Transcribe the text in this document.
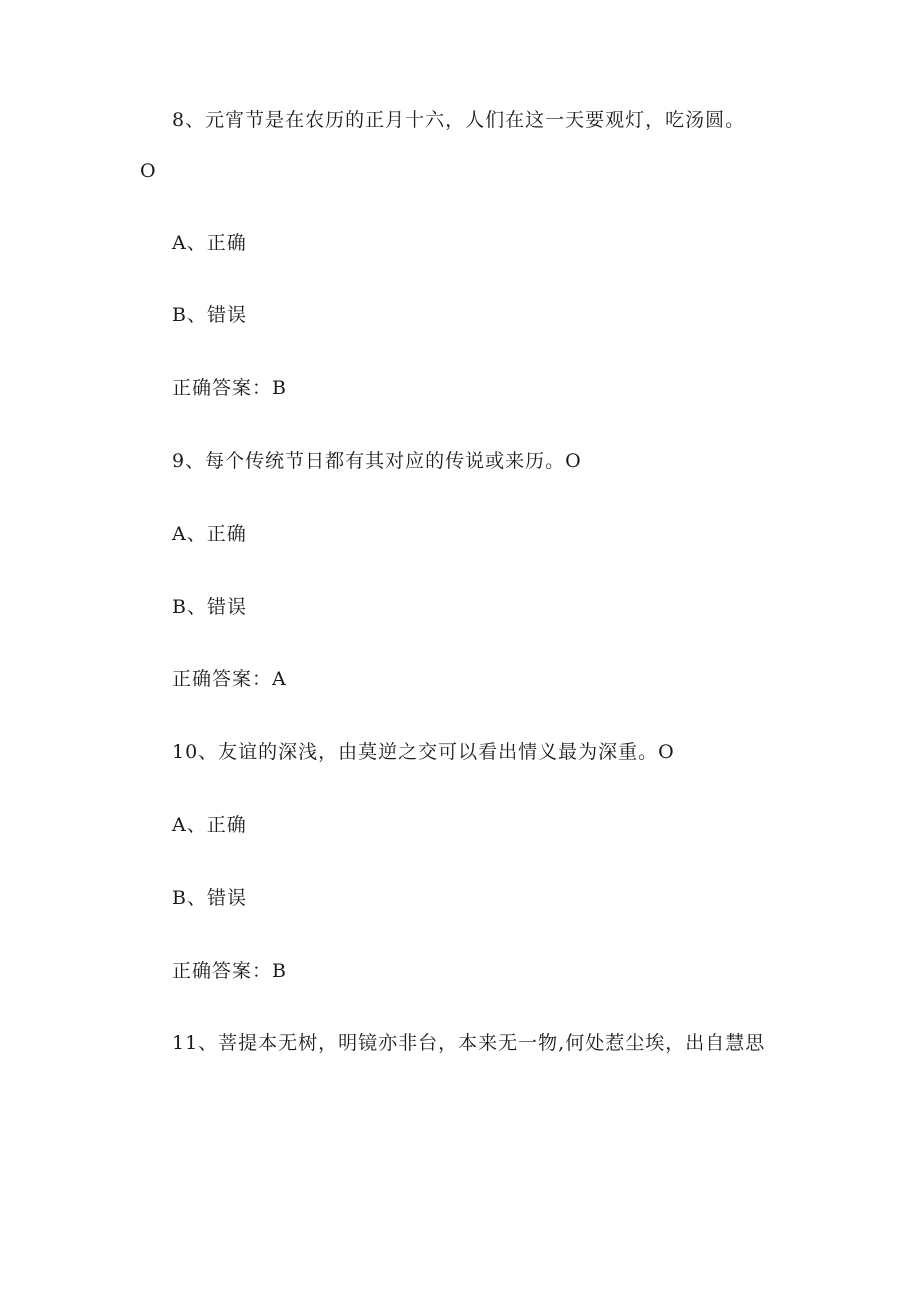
8、元宵节是在农历的正月十六，人们在这一天要观灯，吃汤圆。
O
A、正确
B、错误
正确答案：B
9、每个传统节日都有其对应的传说或来历。O
A、正确
B、错误
正确答案：A
10、友谊的深浅，由莫逆之交可以看出情义最为深重。O
A、正确
B、错误
正确答案：B
11、菩提本无树，明镜亦非台，本来无一物,何处惹尘埃，出自慧思
